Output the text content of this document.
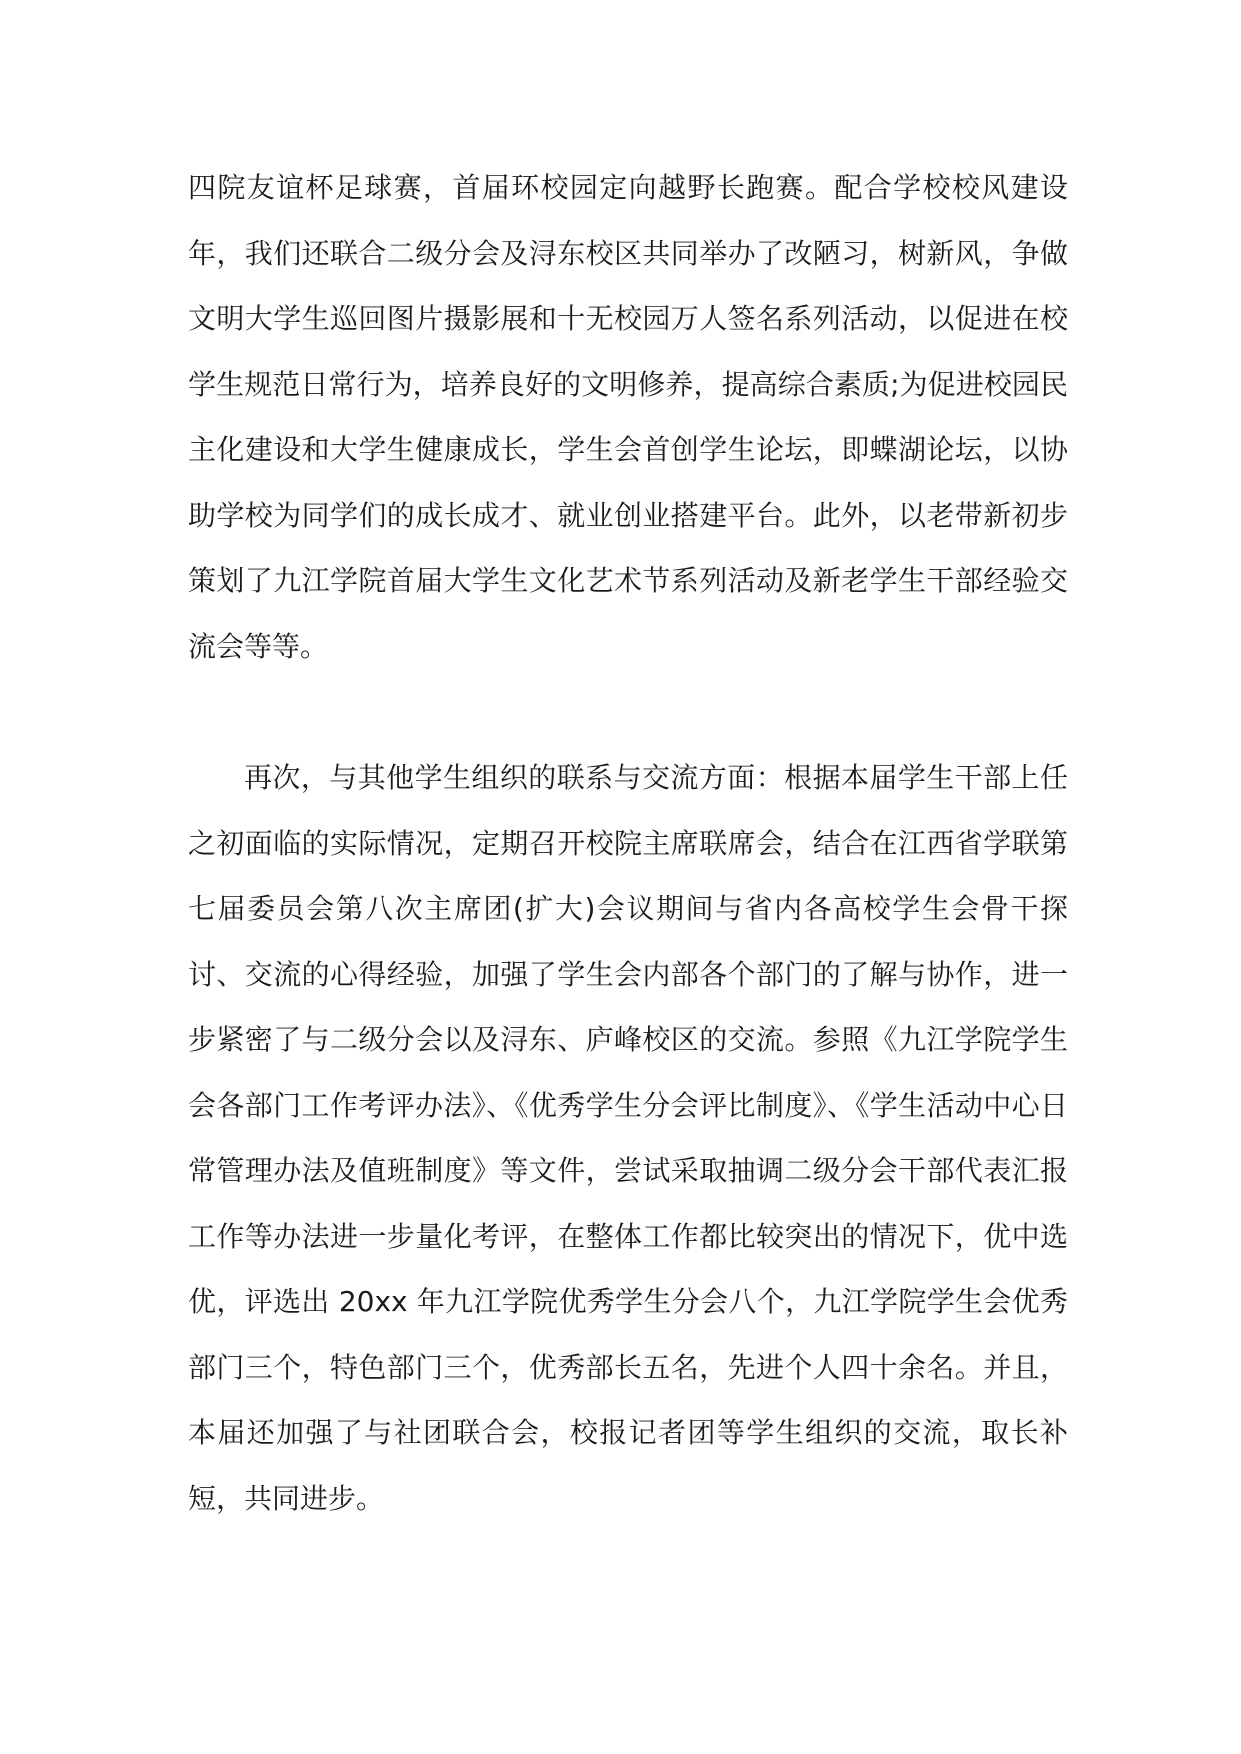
四院友谊杯足球赛，首届环校园定向越野长跑赛。配合学校校风建设年，我们还联合二级分会及浔东校区共同举办了改陋习，树新风，争做文明大学生巡回图片摄影展和十无校园万人签名系列活动，以促进在校学生规范日常行为，培养良好的文明修养，提高综合素质;为促进校园民主化建设和大学生健康成长，学生会首创学生论坛，即蝶湖论坛，以协助学校为同学们的成长成才、就业创业搭建平台。此外，以老带新初步策划了九江学院首届大学生文化艺术节系列活动及新老学生干部经验交流会等等。

再次，与其他学生组织的联系与交流方面：根据本届学生干部上任之初面临的实际情况，定期召开校院主席联席会，结合在江西省学联第七届委员会第八次主席团(扩大)会议期间与省内各高校学生会骨干探讨、交流的心得经验，加强了学生会内部各个部门的了解与协作，进一步紧密了与二级分会以及浔东、庐峰校区的交流。参照《九江学院学生会各部门工作考评办法》、《优秀学生分会评比制度》、《学生活动中心日常管理办法及值班制度》等文件，尝试采取抽调二级分会干部代表汇报工作等办法进一步量化考评，在整体工作都比较突出的情况下，优中选优，评选出 20xx 年九江学院优秀学生分会八个，九江学院学生会优秀部门三个，特色部门三个，优秀部长五名，先进个人四十余名。并且，本届还加强了与社团联合会，校报记者团等学生组织的交流，取长补短，共同进步。
